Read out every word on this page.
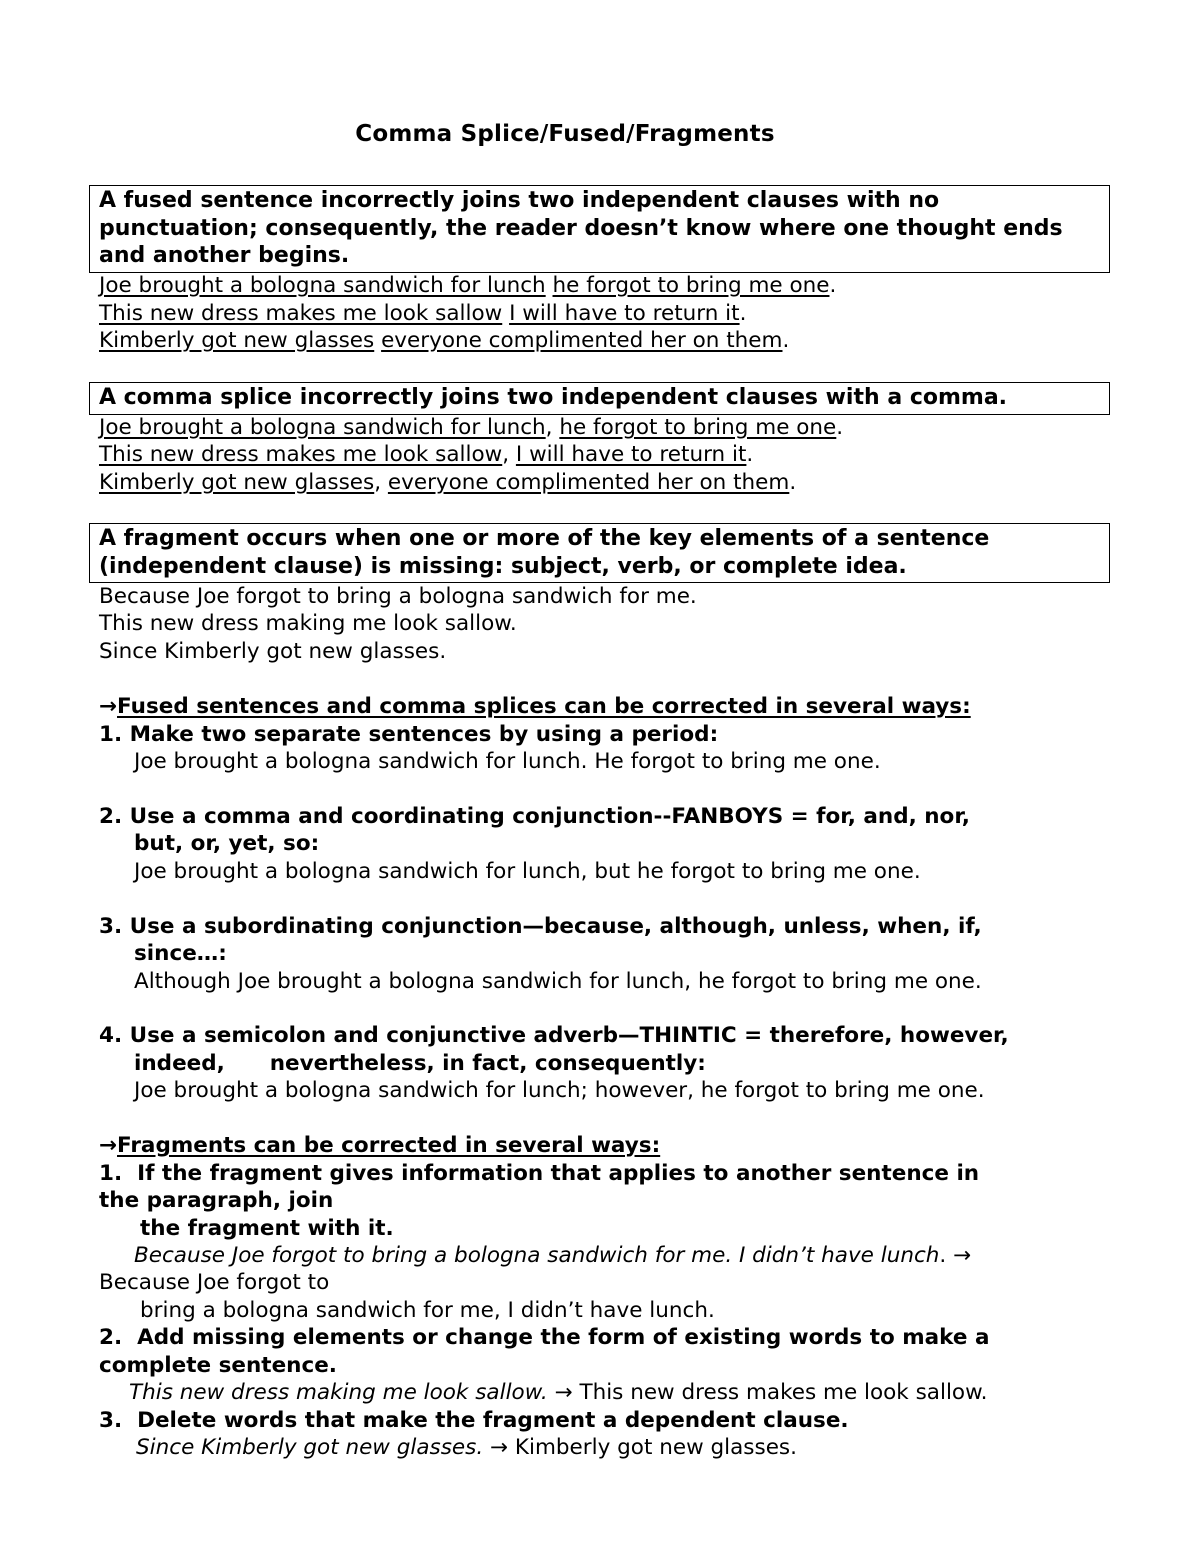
Comma Splice/Fused/Fragments
A fused sentence incorrectly joins two independent clauses with no punctuation; consequently, the reader doesn’t know where one thought ends and another begins.
Joe brought a bologna sandwich for lunch he forgot to bring me one.
This new dress makes me look sallow I will have to return it.
Kimberly got new glasses everyone complimented her on them.
A comma splice incorrectly joins two independent clauses with a comma.
Joe brought a bologna sandwich for lunch, he forgot to bring me one.
This new dress makes me look sallow, I will have to return it.
Kimberly got new glasses, everyone complimented her on them.
A fragment occurs when one or more of the key elements of a sentence (independent clause) is missing: subject, verb, or complete idea.
Because Joe forgot to bring a bologna sandwich for me.
This new dress making me look sallow.
Since Kimberly got new glasses.
→Fused sentences and comma splices can be corrected in several ways:
1. Make two separate sentences by using a period:
Joe brought a bologna sandwich for lunch. He forgot to bring me one.
2. Use a comma and coordinating conjunction--FANBOYS = for, and, nor,
but, or, yet, so:
Joe brought a bologna sandwich for lunch, but he forgot to bring me one.
3. Use a subordinating conjunction—because, although, unless, when, if,
since…:
Although Joe brought a bologna sandwich for lunch, he forgot to bring me one.
4. Use a semicolon and conjunctive adverb—THINTIC = therefore, however,
indeed,      nevertheless, in fact, consequently:
Joe brought a bologna sandwich for lunch; however, he forgot to bring me one.
→Fragments can be corrected in several ways:
1.  If the fragment gives information that applies to another sentence in
the paragraph, join
the fragment with it.
Because Joe forgot to bring a bologna sandwich for me. I didn’t have lunch. →
Because Joe forgot to
bring a bologna sandwich for me, I didn’t have lunch.
2.  Add missing elements or change the form of existing words to make a
complete sentence.
This new dress making me look sallow. → This new dress makes me look sallow.
3.  Delete words that make the fragment a dependent clause.
Since Kimberly got new glasses. → Kimberly got new glasses.
